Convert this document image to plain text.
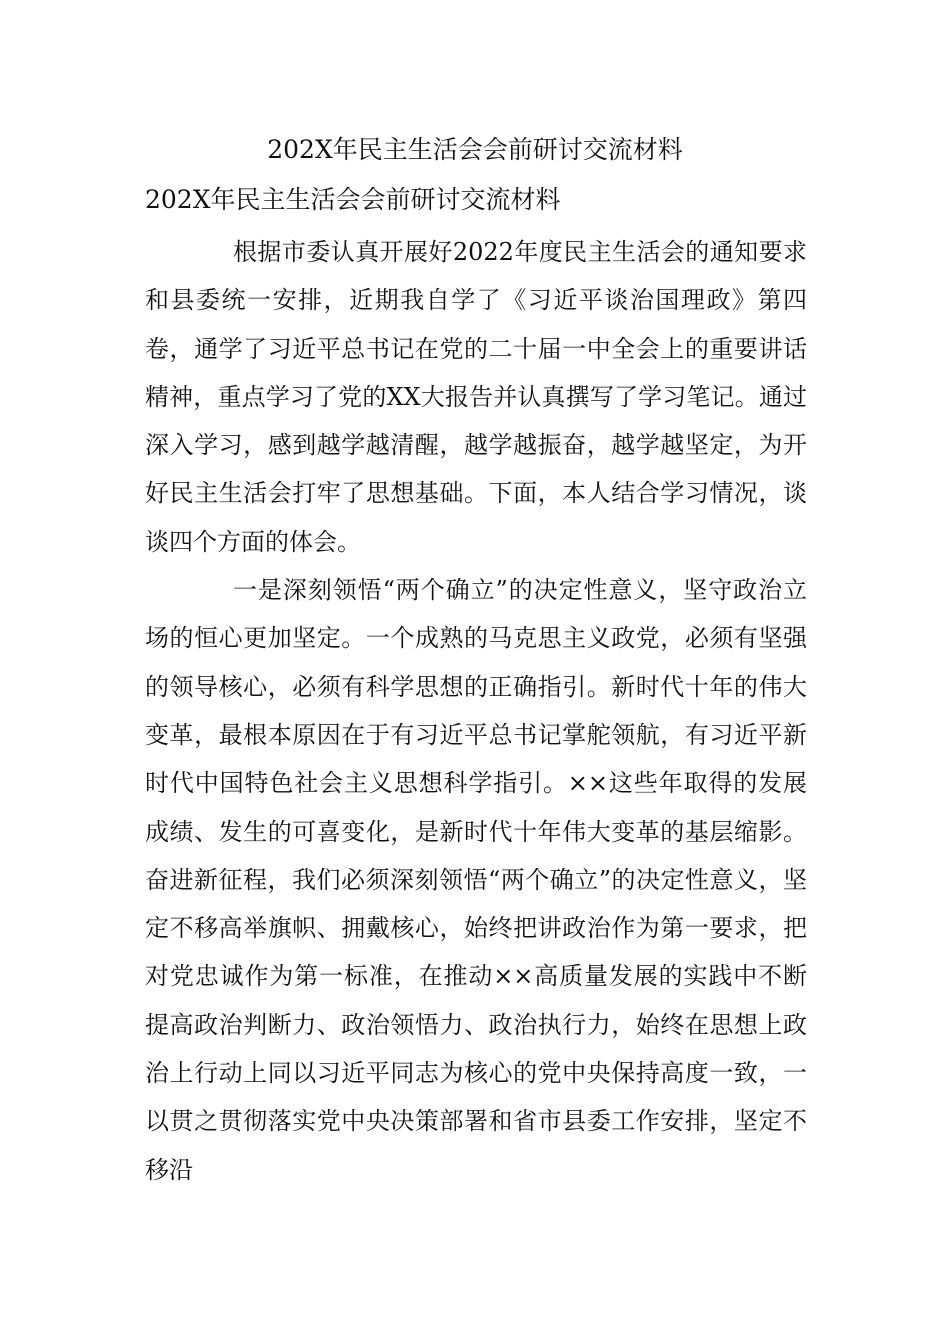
202X年民主生活会会前研讨交流材料
202X年民主生活会会前研讨交流材料

根据市委认真开展好2022年度民主生活会的通知要求和县委统一安排，近期我自学了《习近平谈治国理政》第四卷，通学了习近平总书记在党的二十届一中全会上的重要讲话精神，重点学习了党的XX大报告并认真撰写了学习笔记。通过深入学习，感到越学越清醒，越学越振奋，越学越坚定，为开好民主生活会打牢了思想基础。下面，本人结合学习情况，谈谈四个方面的体会。

一是深刻领悟“两个确立”的决定性意义，坚守政治立场的恒心更加坚定。一个成熟的马克思主义政党，必须有坚强的领导核心，必须有科学思想的正确指引。新时代十年的伟大变革，最根本原因在于有习近平总书记掌舵领航，有习近平新时代中国特色社会主义思想科学指引。××这些年取得的发展成绩、发生的可喜变化，是新时代十年伟大变革的基层缩影。奋进新征程，我们必须深刻领悟“两个确立”的决定性意义，坚定不移高举旗帜、拥戴核心，始终把讲政治作为第一要求，把对党忠诚作为第一标准，在推动××高质量发展的实践中不断提高政治判断力、政治领悟力、政治执行力，始终在思想上政治上行动上同以习近平同志为核心的党中央保持高度一致，一以贯之贯彻落实党中央决策部署和省市县委工作安排，坚定不移沿
